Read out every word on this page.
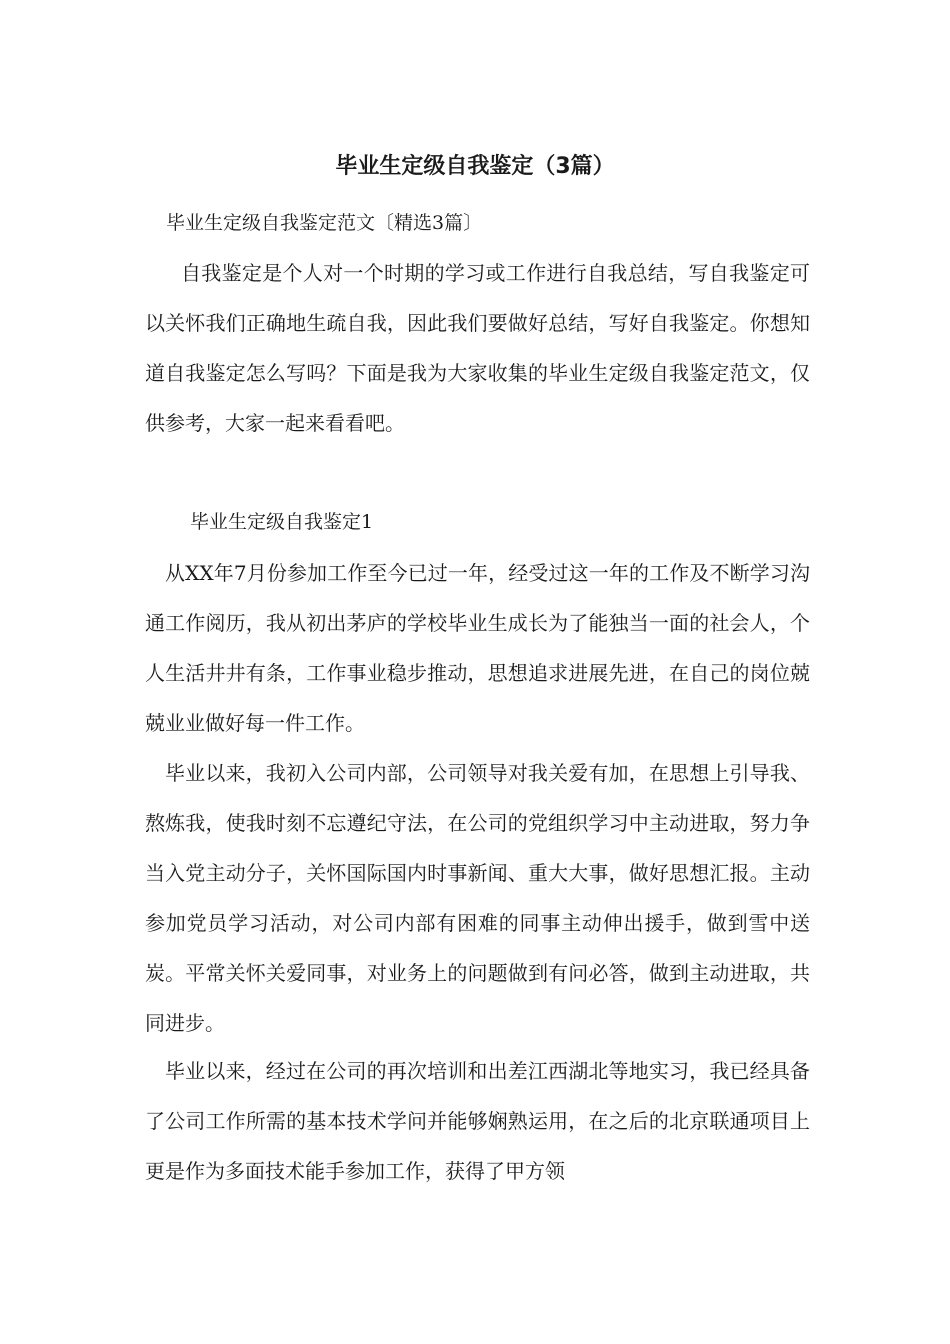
毕业生定级自我鉴定（3篇）
毕业生定级自我鉴定范文〔精选3篇〕

自我鉴定是个人对一个时期的学习或工作进行自我总结，写自我鉴定可以关怀我们正确地生疏自我，因此我们要做好总结，写好自我鉴定。你想知道自我鉴定怎么写吗？下面是我为大家收集的毕业生定级自我鉴定范文，仅供参考，大家一起来看看吧。

毕业生定级自我鉴定1

从XX年7月份参加工作至今已过一年，经受过这一年的工作及不断学习沟通工作阅历，我从初出茅庐的学校毕业生成长为了能独当一面的社会人，个人生活井井有条，工作事业稳步推动，思想追求进展先进，在自己的岗位兢兢业业做好每一件工作。

毕业以来，我初入公司内部，公司领导对我关爱有加，在思想上引导我、熬炼我，使我时刻不忘遵纪守法，在公司的党组织学习中主动进取，努力争当入党主动分子，关怀国际国内时事新闻、重大大事，做好思想汇报。主动参加党员学习活动，对公司内部有困难的同事主动伸出援手，做到雪中送炭。平常关怀关爱同事，对业务上的问题做到有问必答，做到主动进取，共同进步。

毕业以来，经过在公司的再次培训和出差江西湖北等地实习，我已经具备了公司工作所需的基本技术学问并能够娴熟运用，在之后的北京联通项目上更是作为多面技术能手参加工作，获得了甲方领
